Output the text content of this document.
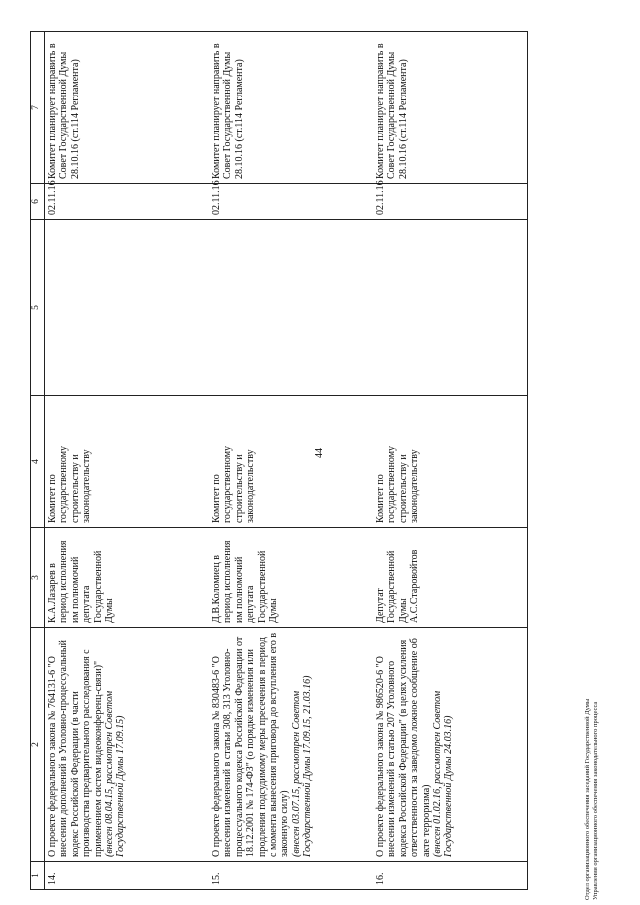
44
1	2	3	4	5	6	7
14.	О проекте федерального закона № 764131-6 "О внесении дополнений в Уголовно-процессуальный кодекс Российской Федерации (в части производства предварительного расследования с применением систем видеоконференц-связи)" (внесен 08.04.15, рассмотрен Советом Государственной Думы 17.09.15)	К.А.Лазарев в период исполнения им полномочий депутата Государственной Думы	Комитет по государственному строительству и законодательству		02.11.16	Комитет планирует направить в Совет Государственной Думы 28.10.16 (ст.114 Регламента)
15.	О проекте федерального закона № 830483-6 "О внесении изменений в статьи 308, 313 Уголовно-процессуального кодекса Российской Федерации от 18.12.2001 № 174-ФЗ" (о порядке изменения или продления подсудимому меры пресечения в период с момента вынесения приговора до вступления его в законную силу) (внесен 03.07.15, рассмотрен Советом Государственной Думы 17.09.15, 21.03.16)	Д.В.Коломиец в период исполнения им полномочий депутата Государственной Думы	Комитет по государственному строительству и законодательству		02.11.16	Комитет планирует направить в Совет Государственной Думы 28.10.16 (ст.114 Регламента)
16.	О проекте федерального закона № 986520-6 "О внесении изменений в статью 207 Уголовного кодекса Российской Федерации" (в целях усиления ответственности за заведомо ложное сообщение об акте терроризма) (внесен 01.02.16, рассмотрен Советом Государственной Думы 24.03.16)	Депутат Государственной Думы А.С.Старовойтов	Комитет по государственному строительству и законодательству		02.11.16	Комитет планирует направить в Совет Государственной Думы 28.10.16 (ст.114 Регламента)
Отдел организационного обеспечения заседаний Государственной Думы Управления организационного обеспечения законодательного процесса
